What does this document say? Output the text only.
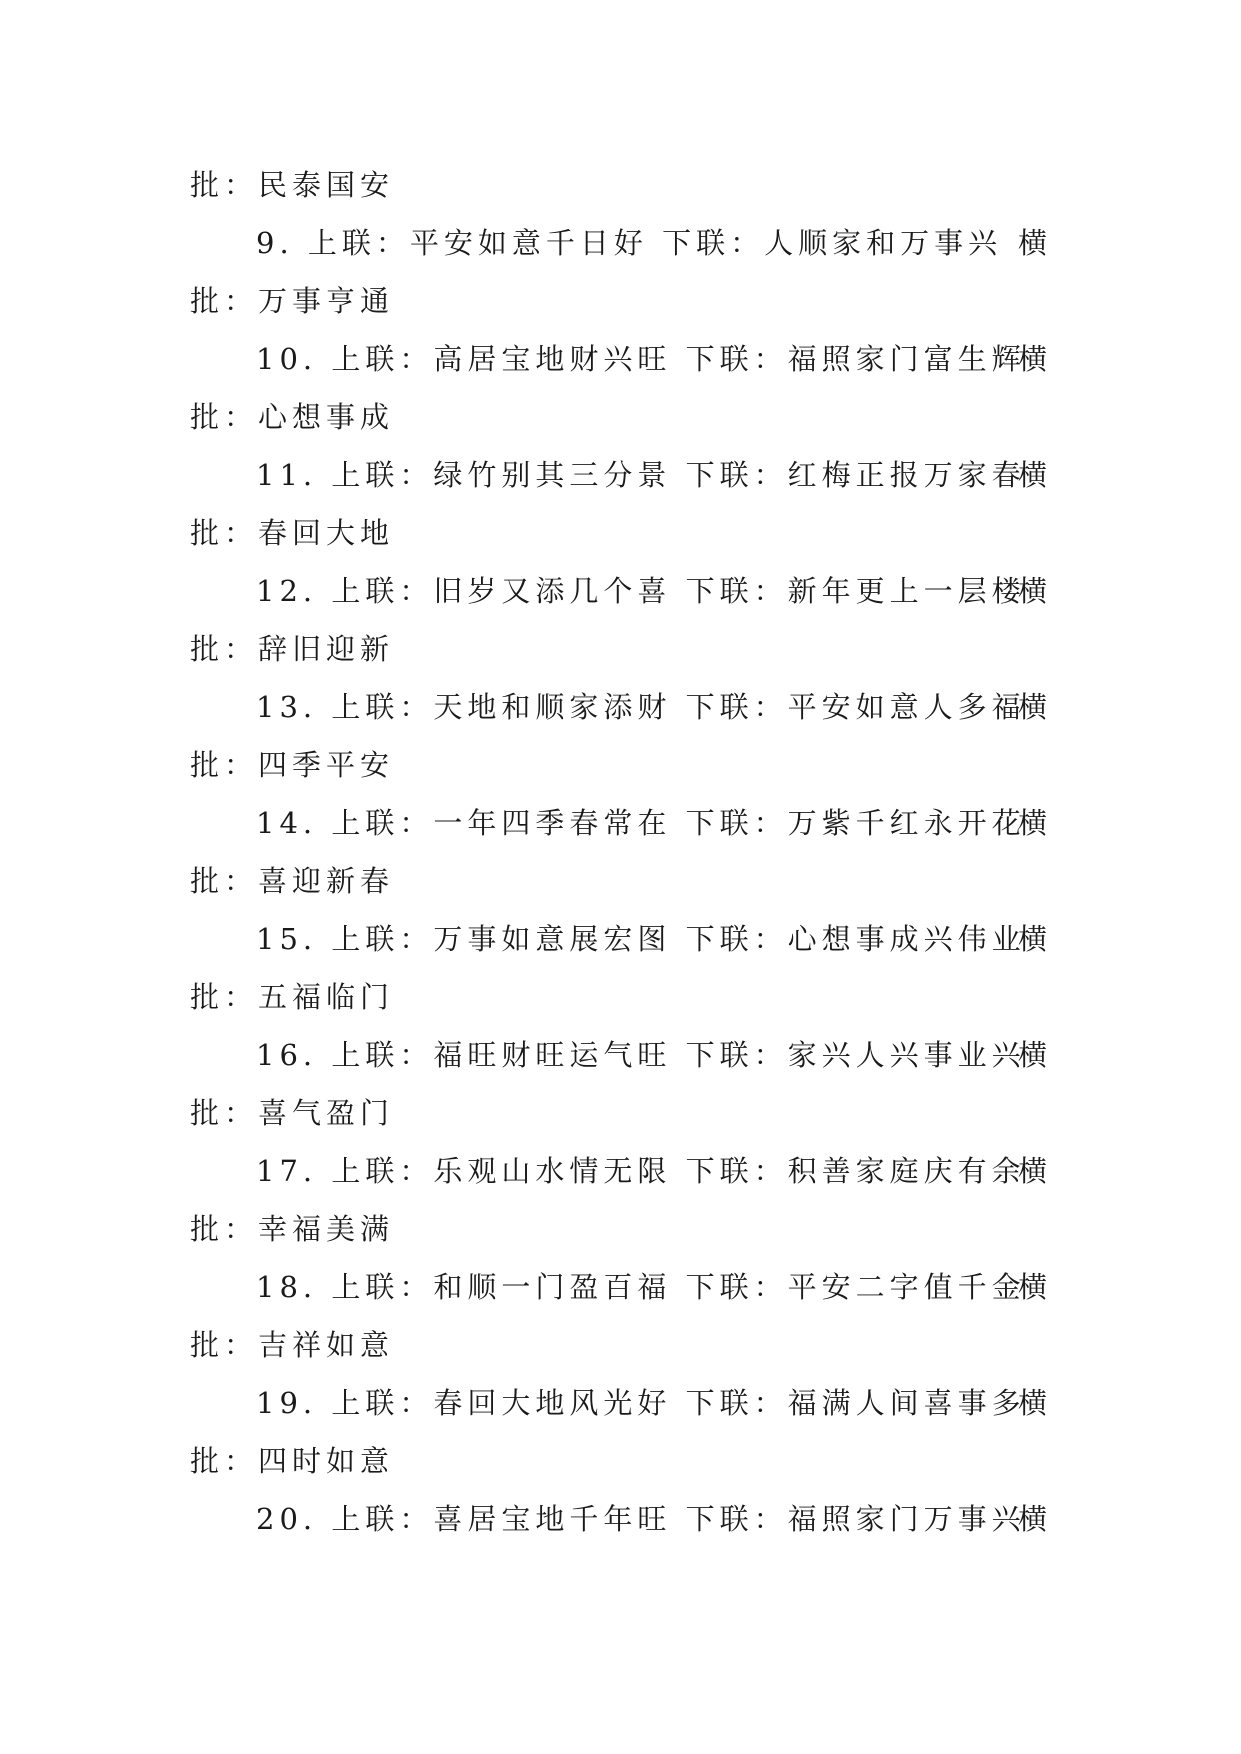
批：民泰国安
9. 上联：平安如意千日好 下联：人顺家和万事兴 横
批：万事亨通
10. 上联：高居宝地财兴旺 下联：福照家门富生辉
横
批：心想事成
11. 上联：绿竹别其三分景 下联：红梅正报万家春
横
批：春回大地
12. 上联：旧岁又添几个喜 下联：新年更上一层楼
横
批：辞旧迎新
13. 上联：天地和顺家添财 下联：平安如意人多福
横
批：四季平安
14. 上联：一年四季春常在 下联：万紫千红永开花
横
批：喜迎新春
15. 上联：万事如意展宏图 下联：心想事成兴伟业
横
批：五福临门
16. 上联：福旺财旺运气旺 下联：家兴人兴事业兴
横
批：喜气盈门
17. 上联：乐观山水情无限 下联：积善家庭庆有余
横
批：幸福美满
18. 上联：和顺一门盈百福 下联：平安二字值千金
横
批：吉祥如意
19. 上联：春回大地风光好 下联：福满人间喜事多
横
批：四时如意
20. 上联：喜居宝地千年旺 下联：福照家门万事兴
横
